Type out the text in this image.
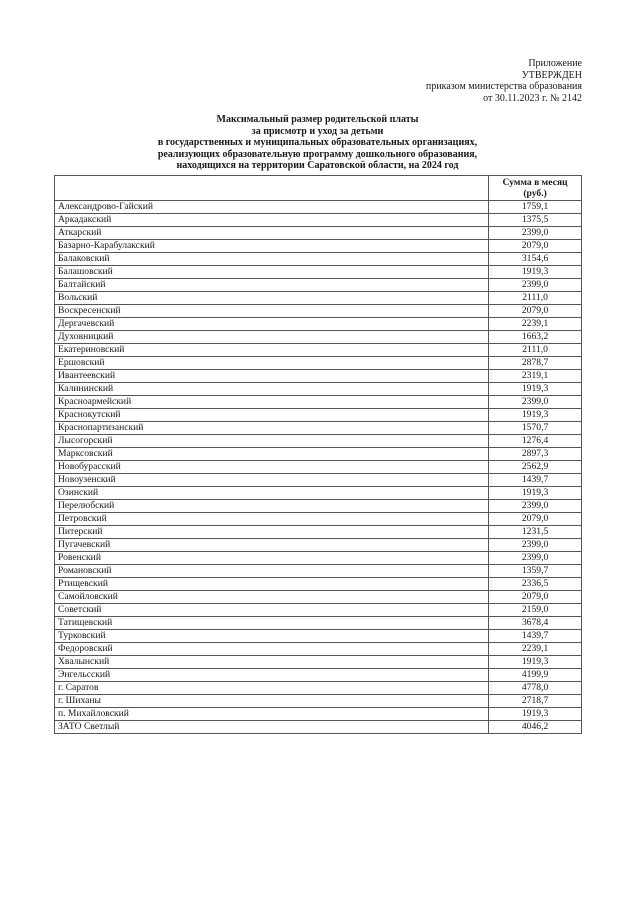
Приложение
УТВЕРЖДЕН
приказом министерства образования
от 30.11.2023 г. № 2142
Максимальный размер родительской платы
за присмотр и уход за детьми
в государственных и муниципальных образовательных организациях,
реализующих образовательную программу дошкольного образования,
находящихся на территории Саратовской области, на 2024 год

	Сумма в месяц
(руб.)

Александрово-Гайский	1759,1
Аркадакский	1375,5
Аткарский	2399,0
Базарно-Карабулакский	2079,0
Балаковский	3154,6
Балашовский	1919,3
Балтайский	2399,0
Вольский	2111,0
Воскресенский	2079,0
Дергачевский	2239,1
Духовницкий	1663,2
Екатериновский	2111,0
Ершовский	2878,7
Ивантеевский	2319,1
Калининский	1919,3
Красноармейский	2399,0
Краснокутский	1919,3
Краснопартизанский	1570,7
Лысогорский	1276,4
Марксовский	2897,3
Новобурасский	2562,9
Новоузенский	1439,7
Озинский	1919,3
Перелюбский	2399,0
Петровский	2079,0
Питерский	1231,5
Пугачевский	2399,0
Ровенский	2399,0
Романовский	1359,7
Ртищевский	2336,5
Самойловский	2079,0
Советский	2159,0
Татищевский	3678,4
Турковский	1439,7
Федоровский	2239,1
Хвалынский	1919,3
Энгельсский	4199,9
г. Саратов	4778,0
г. Шиханы	2718,7
п. Михайловский	1919,3
ЗАТО Светлый	4046,2
